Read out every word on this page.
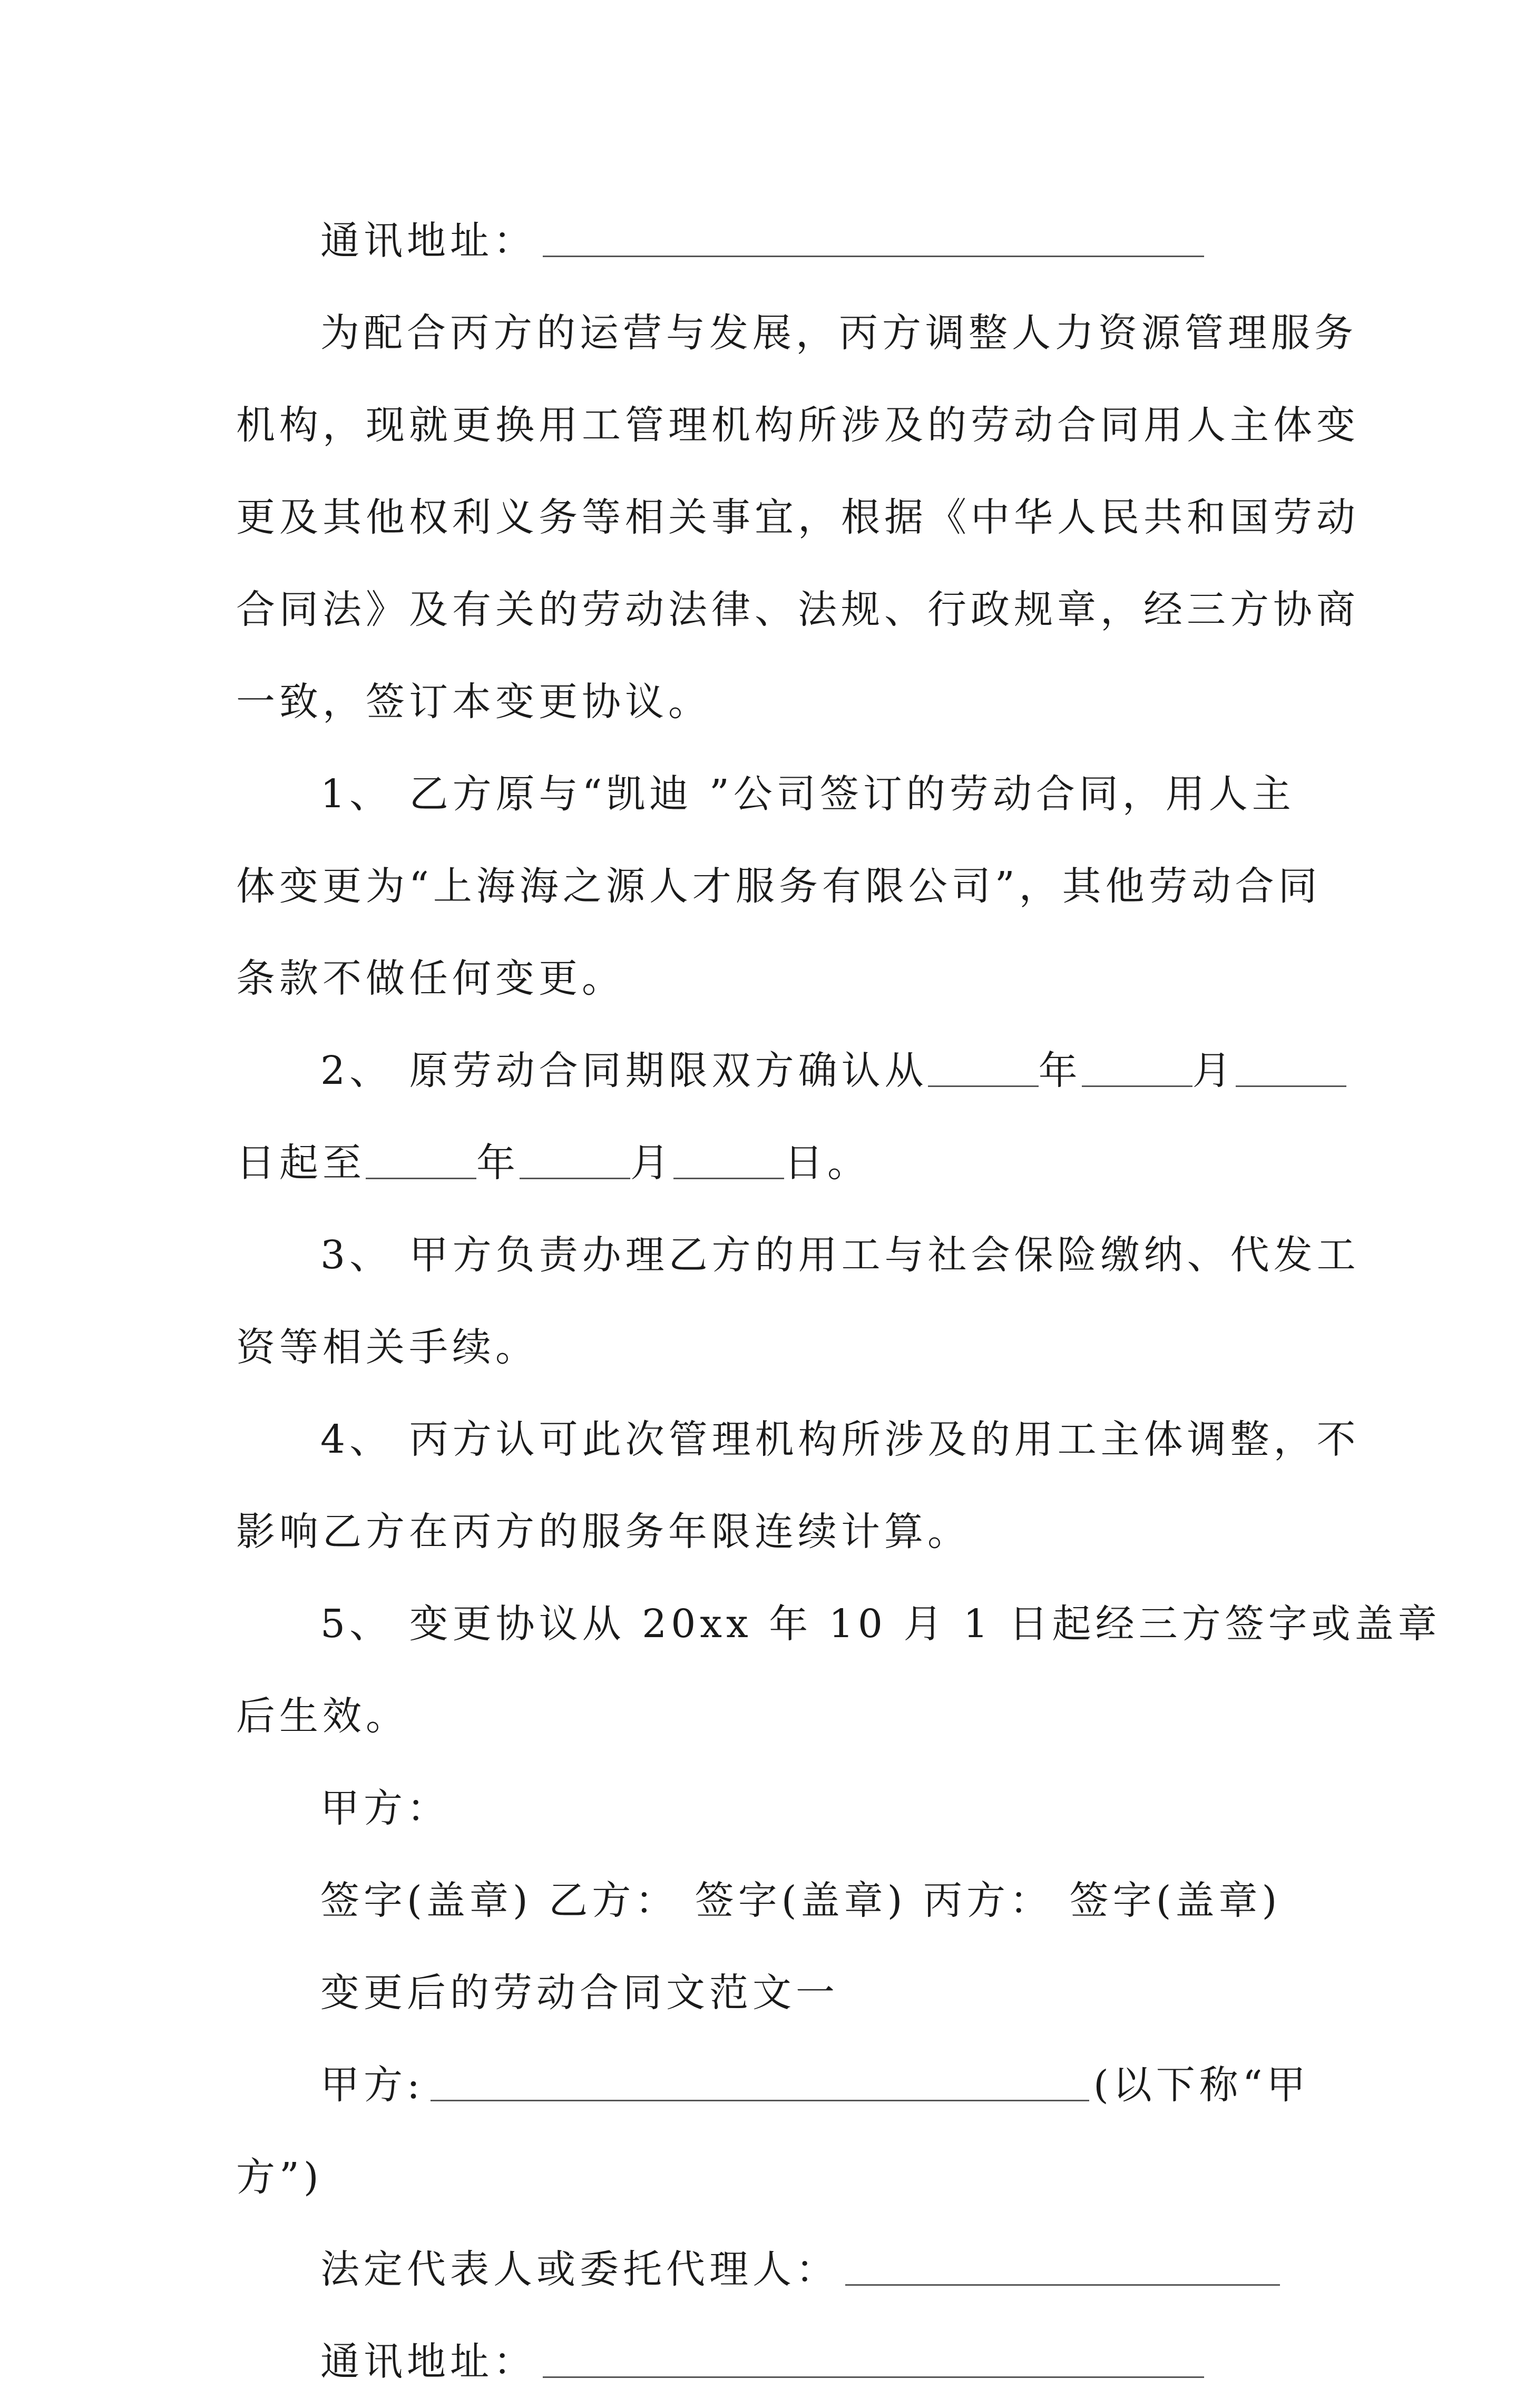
通讯地址：
为配合丙方的运营与发展，丙方调整人力资源管理服务
机构，现就更换用工管理机构所涉及的劳动合同用人主体变
更及其他权利义务等相关事宜，根据《中华人民共和国劳动
合同法》及有关的劳动法律、法规、行政规章，经三方协商
一致，签订本变更协议。
1、 乙方原与“凯迪 ”公司签订的劳动合同，用人主
体变更为“上海海之源人才服务有限公司”，其他劳动合同
条款不做任何变更。
2、 原劳动合同期限双方确认从	年	月
日起至	年	月	日。
3、 甲方负责办理乙方的用工与社会保险缴纳、代发工
资等相关手续。
4、 丙方认可此次管理机构所涉及的用工主体调整，不
影响乙方在丙方的服务年限连续计算。
5、 变更协议从 20xx 年 10 月 1 日起经三方签字或盖章
后生效。
甲方：
签字(盖章) 乙方： 签字(盖章) 丙方： 签字(盖章)
变更后的劳动合同文范文一
甲方:	(以下称“甲
方”)
法定代表人或委托代理人：
通讯地址：
